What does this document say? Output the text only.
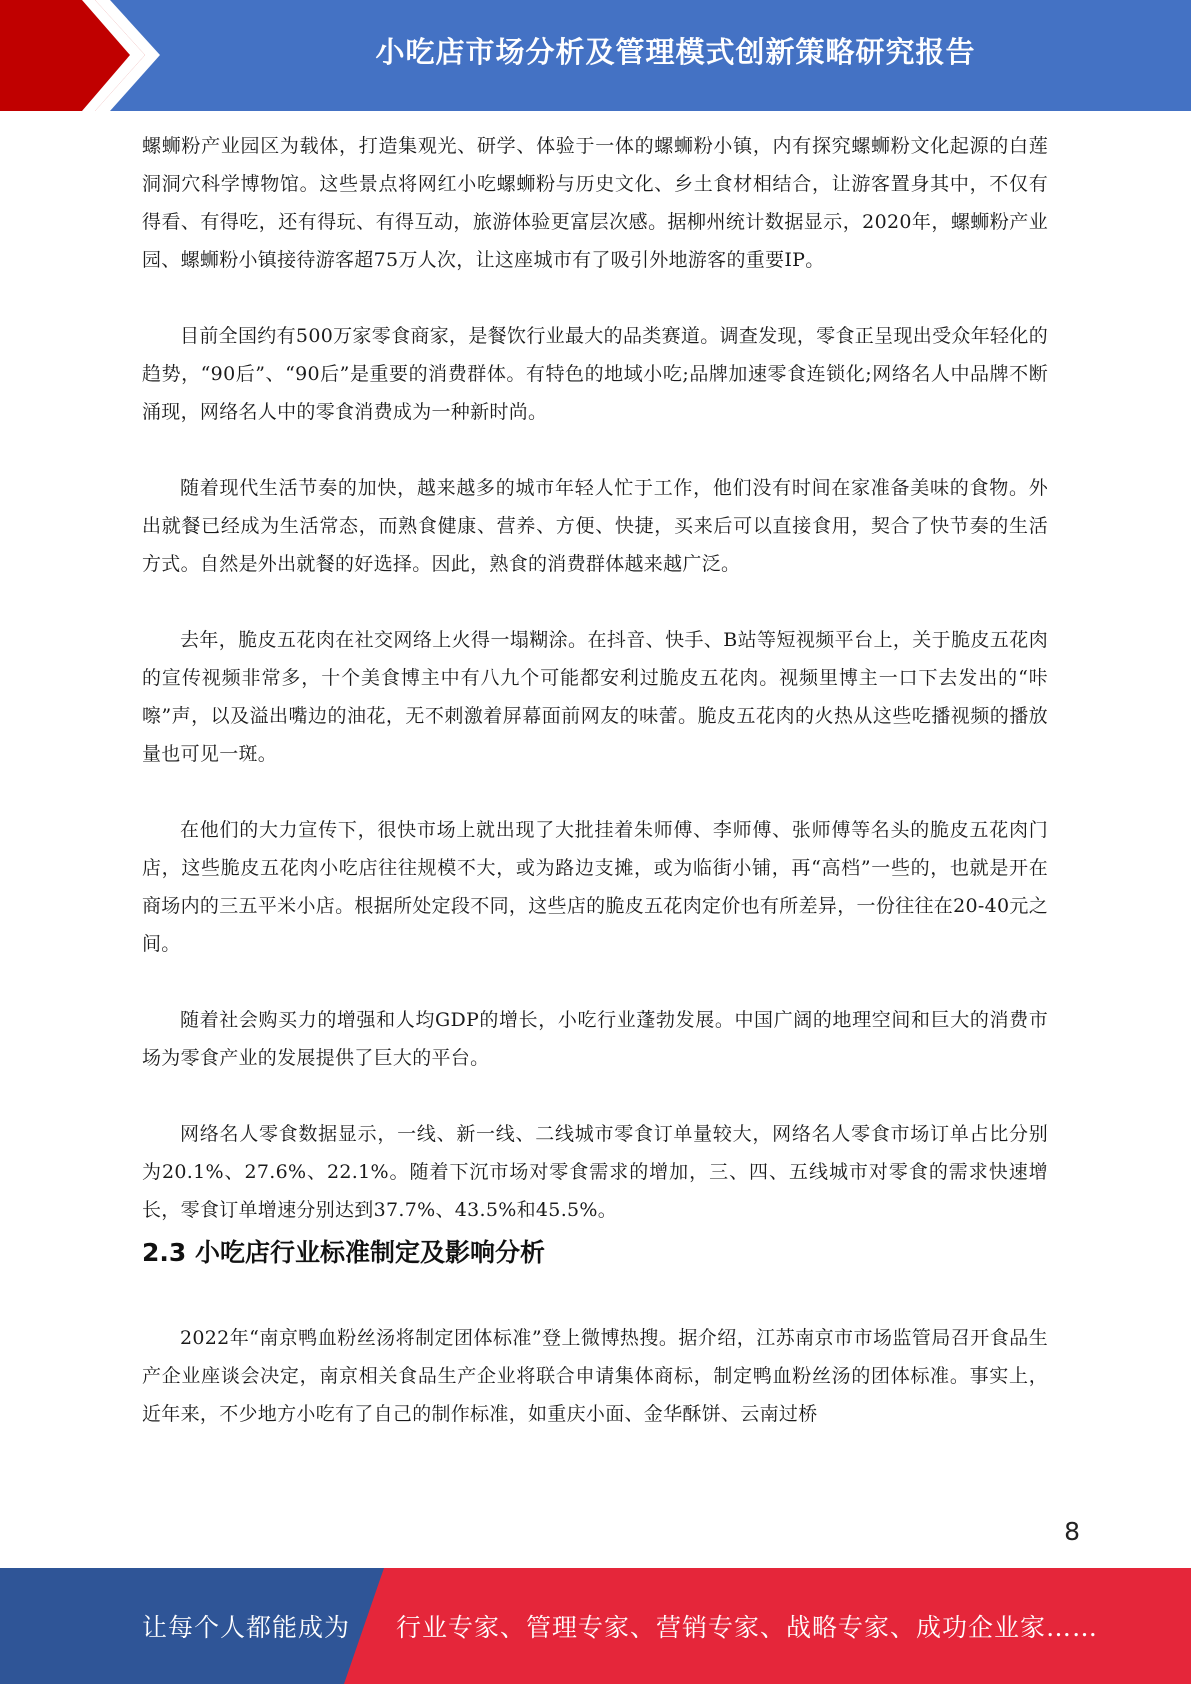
小吃店市场分析及管理模式创新策略研究报告

螺蛳粉产业园区为载体，打造集观光、研学、体验于一体的螺蛳粉小镇，内有探究螺蛳粉文化起源的白莲洞洞穴科学博物馆。这些景点将网红小吃螺蛳粉与历史文化、乡土食材相结合，让游客置身其中，不仅有得看、有得吃，还有得玩、有得互动，旅游体验更富层次感。据柳州统计数据显示，2020年，螺蛳粉产业园、螺蛳粉小镇接待游客超75万人次，让这座城市有了吸引外地游客的重要IP。

目前全国约有500万家零食商家，是餐饮行业最大的品类赛道。调查发现，零食正呈现出受众年轻化的趋势，“90后”、“90后”是重要的消费群体。有特色的地域小吃;品牌加速零食连锁化;网络名人中品牌不断涌现，网络名人中的零食消费成为一种新时尚。

随着现代生活节奏的加快，越来越多的城市年轻人忙于工作，他们没有时间在家准备美味的食物。外出就餐已经成为生活常态，而熟食健康、营养、方便、快捷，买来后可以直接食用，契合了快节奏的生活方式。自然是外出就餐的好选择。因此，熟食的消费群体越来越广泛。

去年，脆皮五花肉在社交网络上火得一塌糊涂。在抖音、快手、B站等短视频平台上，关于脆皮五花肉的宣传视频非常多，十个美食博主中有八九个可能都安利过脆皮五花肉。视频里博主一口下去发出的“咔嚓”声，以及溢出嘴边的油花，无不刺激着屏幕面前网友的味蕾。脆皮五花肉的火热从这些吃播视频的播放量也可见一斑。

在他们的大力宣传下，很快市场上就出现了大批挂着朱师傅、李师傅、张师傅等名头的脆皮五花肉门店，这些脆皮五花肉小吃店往往规模不大，或为路边支摊，或为临街小铺，再“高档”一些的，也就是开在商场内的三五平米小店。根据所处定段不同，这些店的脆皮五花肉定价也有所差异，一份往往在20-40元之间。

随着社会购买力的增强和人均GDP的增长，小吃行业蓬勃发展。中国广阔的地理空间和巨大的消费市场为零食产业的发展提供了巨大的平台。

网络名人零食数据显示，一线、新一线、二线城市零食订单量较大，网络名人零食市场订单占比分别为20.1%、27.6%、22.1%。随着下沉市场对零食需求的增加，三、四、五线城市对零食的需求快速增长，零食订单增速分别达到37.7%、43.5%和45.5%。

2.3 小吃店行业标准制定及影响分析

2022年“南京鸭血粉丝汤将制定团体标准”登上微博热搜。据介绍，江苏南京市市场监管局召开食品生产企业座谈会决定，南京相关食品生产企业将联合申请集体商标，制定鸭血粉丝汤的团体标准。事实上，近年来，不少地方小吃有了自己的制作标准，如重庆小面、金华酥饼、云南过桥

8
让每个人都能成为 行业专家、管理专家、营销专家、战略专家、成功企业家……
